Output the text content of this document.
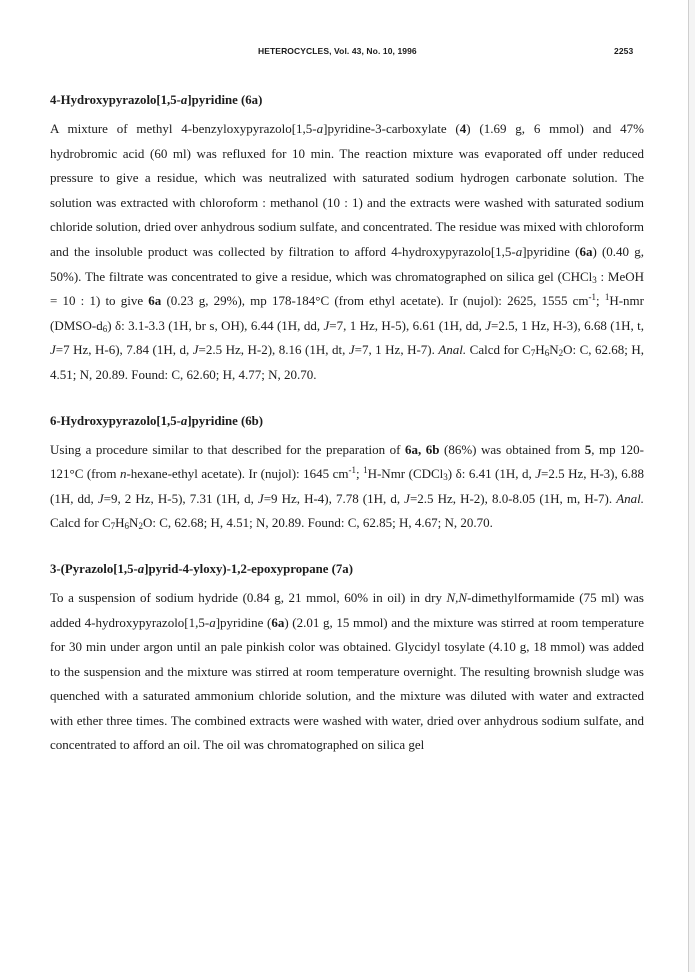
HETEROCYCLES, Vol. 43, No. 10, 1996	2253

4-Hydroxypyrazolo[1,5-a]pyridine (6a)

A mixture of methyl 4-benzyloxypyrazolo[1,5-a]pyridine-3-carboxylate (4) (1.69 g, 6 mmol) and 47% hydrobromic acid (60 ml) was refluxed for 10 min. The reaction mixture was evaporated off under reduced pressure to give a residue, which was neutralized with saturated sodium hydrogen carbonate solution. The solution was extracted with chloroform : methanol (10 : 1) and the extracts were washed with saturated sodium chloride solution, dried over anhydrous sodium sulfate, and concentrated. The residue was mixed with chloroform and the insoluble product was collected by filtration to afford 4-hydroxypyrazolo[1,5-a]pyridine (6a) (0.40 g, 50%). The filtrate was concentrated to give a residue, which was chromatographed on silica gel (CHCl$_3$ : MeOH = 10 : 1) to give 6a (0.23 g, 29%), mp 178-184°C (from ethyl acetate). Ir (nujol): 2625, 1555 $cm^{-1}$; $^1$H-nmr $(DMSO-d_6)$ δ: 3.1-3.3 (1H, br s, OH), 6.44 (1H, dd, J=7, 1 Hz, H-5), 6.61 (1H, dd, J=2.5, 1 Hz, H-3), 6.68 (1H, t, J=7 Hz, H-6), 7.84 (1H, d, J=2.5 Hz, H-2), 8.16 (1H, dt, J=7, 1 Hz, H-7). Anal. Calcd for $C_7H_6N_2O$: C, 62.68; H, 4.51; N, 20.89. Found: C, 62.60; H, 4.77; N, 20.70.

6-Hydroxypyrazolo[1,5-a]pyridine (6b)

Using a procedure similar to that described for the preparation of 6a, 6b (86%) was obtained from 5, mp 120-121°C (from n-hexane-ethyl acetate). Ir (nujol): 1645 $cm^{-1}$; $^1$H-Nmr (CDCl$_3$) δ: 6.41 (1H, d, J=2.5 Hz, H-3), 6.88 (1H, dd, J=9, 2 Hz, H-5), 7.31 (1H, d, J=9 Hz, H-4), 7.78 (1H, d, J=2.5 Hz, H-2), 8.0-8.05 (1H, m, H-7). Anal. Calcd for $C_7H_6N_2O$: C, 62.68; H, 4.51; N, 20.89. Found: C, 62.85; H, 4.67; N, 20.70.

3-(Pyrazolo[1,5-a]pyrid-4-yloxy)-1,2-epoxypropane (7a)

To a suspension of sodium hydride (0.84 g, 21 mmol, 60% in oil) in dry N,N-dimethylformamide (75 ml) was added 4-hydroxypyrazolo[1,5-a]pyridine (6a) (2.01 g, 15 mmol) and the mixture was stirred at room temperature for 30 min under argon until an pale pinkish color was obtained. Glycidyl tosylate (4.10 g, 18 mmol) was added to the suspension and the mixture was stirred at room temperature overnight. The resulting brownish sludge was quenched with a saturated ammonium chloride solution, and the mixture was diluted with water and extracted with ether three times. The combined extracts were washed with water, dried over anhydrous sodium sulfate, and concentrated to afford an oil. The oil was chromatographed on silica gel
